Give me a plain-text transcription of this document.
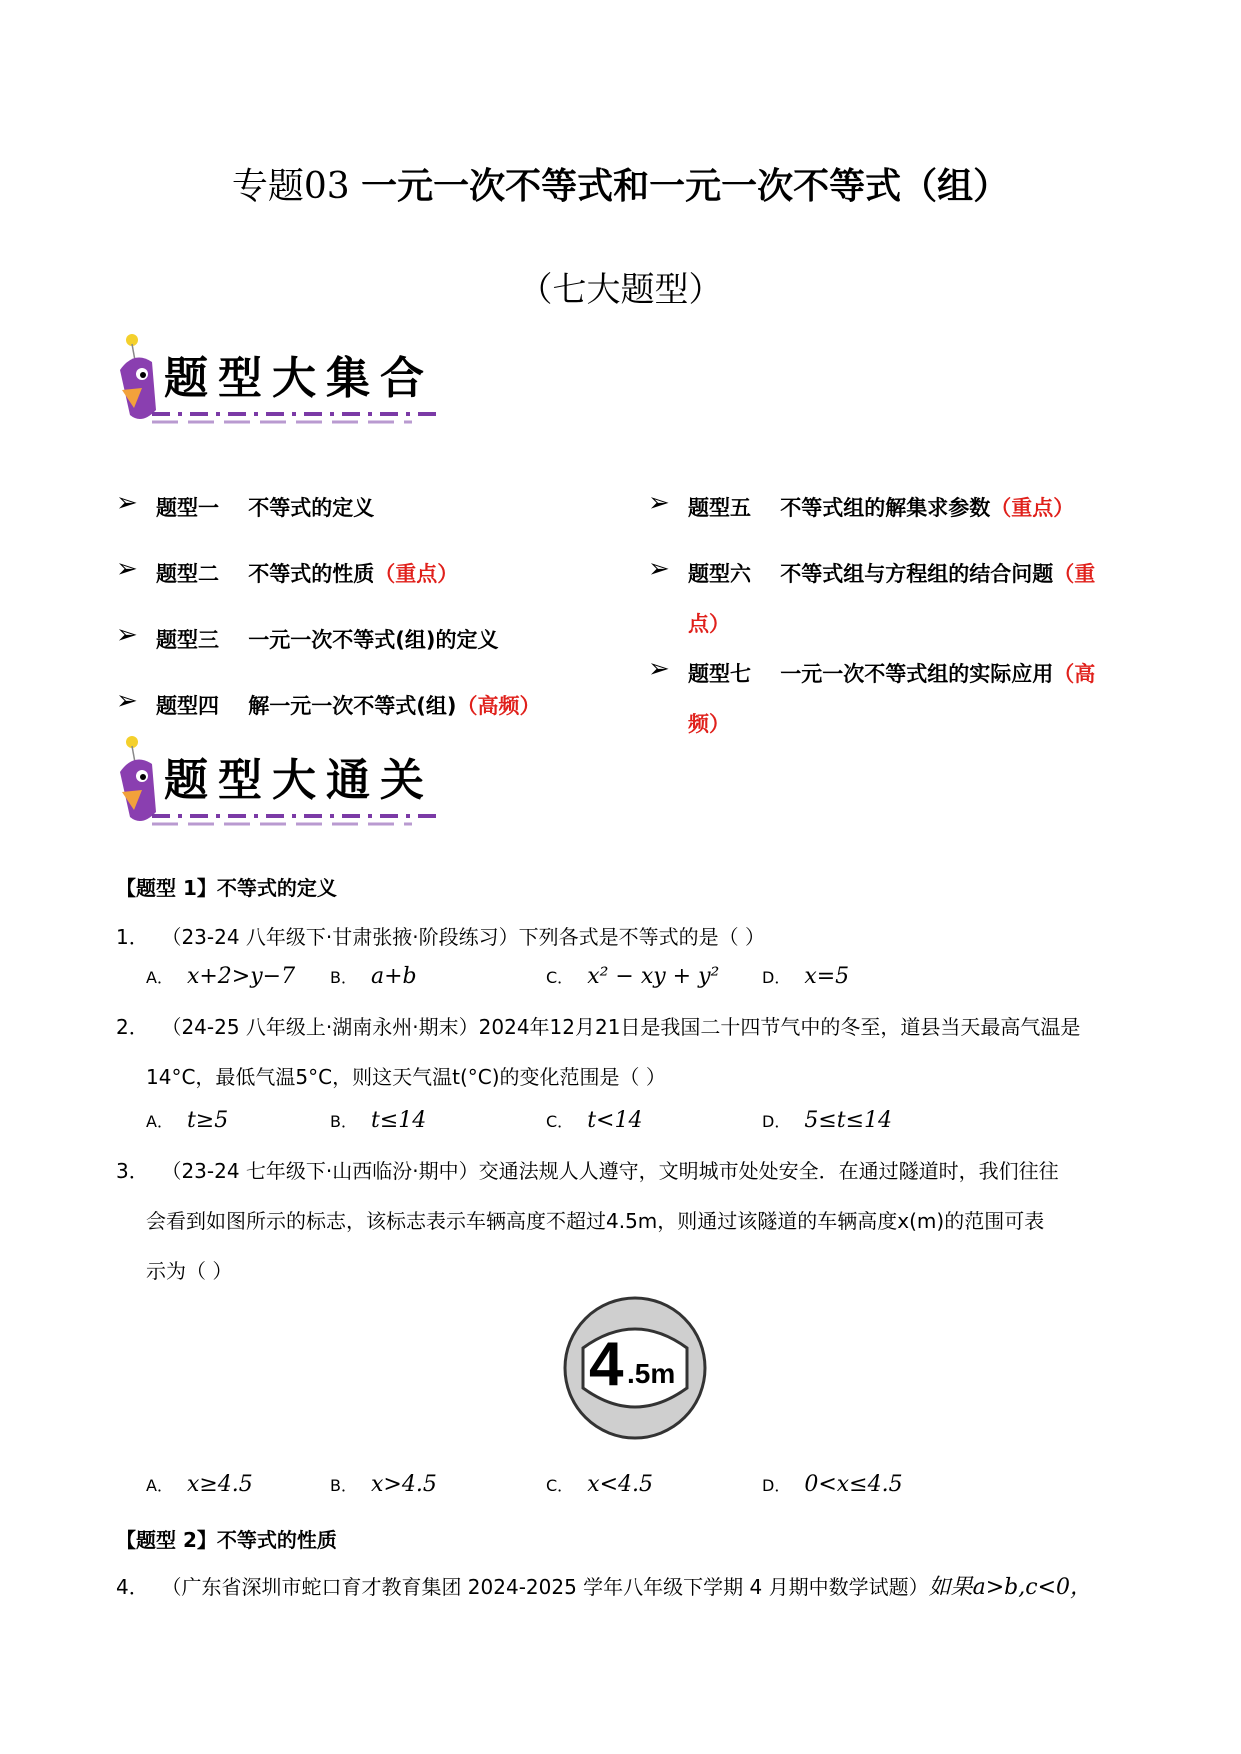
专题03 一元一次不等式和一元一次不等式（组）
（七大题型）
题型大集合
➢ 题型一 不等式的定义
➢ 题型二 不等式的性质（重点）
➢ 题型三 一元一次不等式(组)的定义
➢ 题型四 解一元一次不等式(组)（高频）
➢ 题型五 不等式组的解集求参数（重点）
➢ 题型六 不等式组与方程组的结合问题（重
点）
➢ 题型七 一元一次不等式组的实际应用（高
频）
题型大通关
【题型 1】不等式的定义
1． （23-24 八年级下·甘肃张掖·阶段练习）下列各式是不等式的是（ ）
A． x+2>y−7 B． a+b	C． x² − xy + y²	D． x=5
2． （24-25 八年级上·湖南永州·期末）2024年12月21日是我国二十四节气中的冬至，道县当天最高气温是
14°C，最低气温5°C，则这天气温t(°C)的变化范围是（ ）
A． t≥5	B． t≤14	C． t<14	D． 5≤t≤14
3． （23-24 七年级下·山西临汾·期中）交通法规人人遵守，文明城市处处安全．在通过隧道时，我们往往
会看到如图所示的标志，该标志表示车辆高度不超过4.5m，则通过该隧道的车辆高度x(m)的范围可表
示为（ ）
4 .5m
A． x≥4.5	B． x>4.5	C． x<4.5	D． 0<x≤4.5
【题型 2】不等式的性质
4． （广东省深圳市蛇口育才教育集团 2024-2025 学年八年级下学期 4 月期中数学试题）如果a>b,c<0，
